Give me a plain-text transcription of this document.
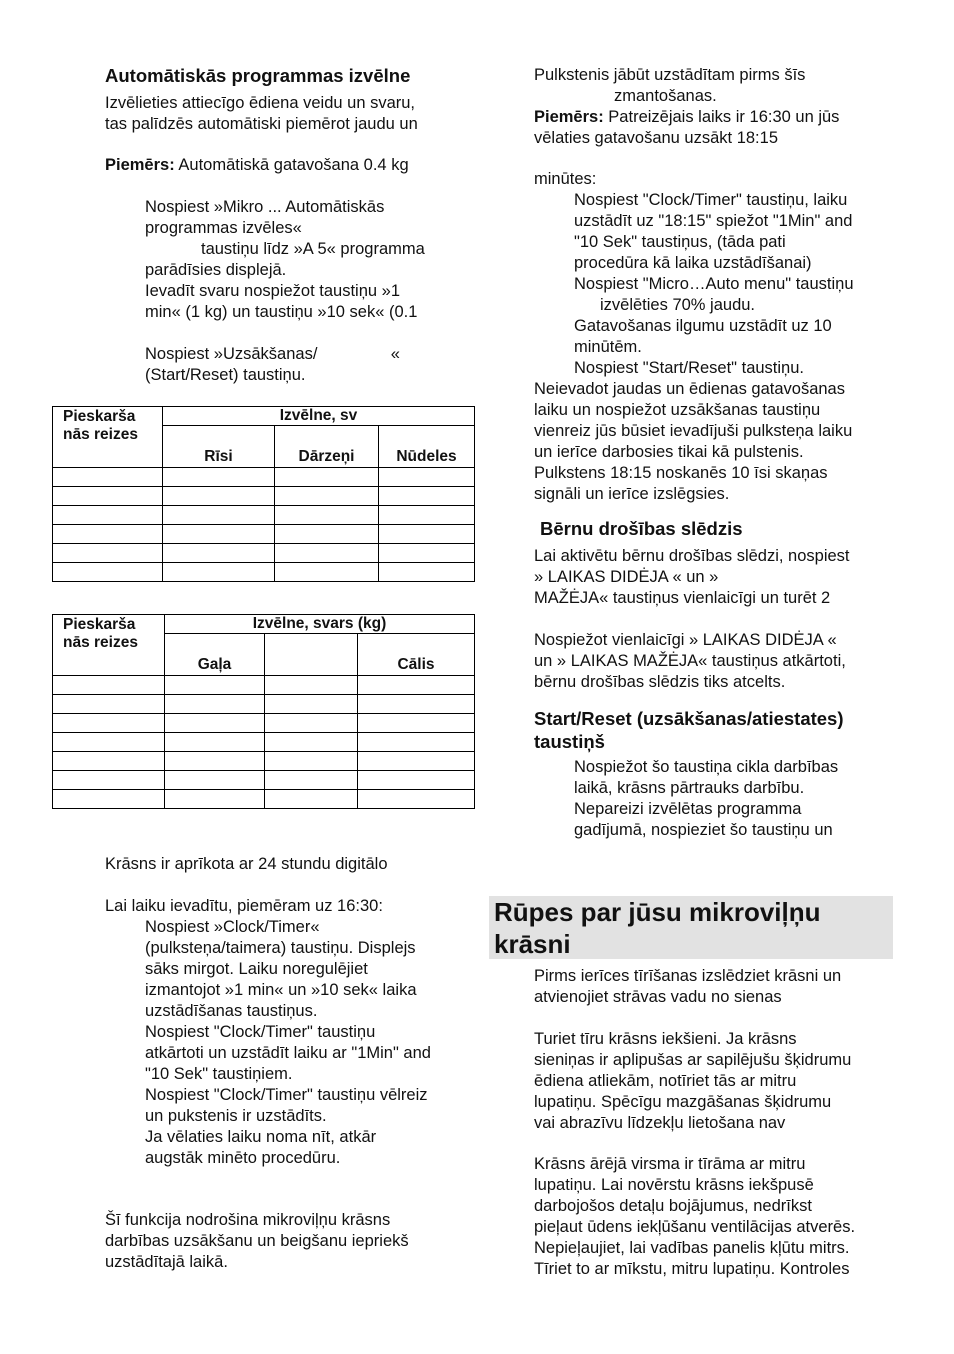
Automātiskās programmas izvēlne
Izvēlieties attiecīgo ēdiena veidu un svaru,
tas palīdzēs automātiski piemērot jaudu un
Piemērs: Automātiskā gatavošana 0.4 kg
Nospiest »Mikro ... Automātiskās
programmas izvēles«
taustiņu līdz »A 5« programma
parādīsies displejā.
Ievadīt svaru nospiežot taustiņu »1
min« (1 kg) un taustiņu »10 sek« (0.1
Nospiest »Uzsākšanas/                «
(Start/Reset) taustiņu.
Pieskarša nās reizes	Izvēlne, sv		
	Rīsi	Dārzeņi	Nūdeles

Pieskarša nās reizes	Izvēlne, svars (kg)		
	Gaļa		Cālis

Krāsns ir aprīkota ar 24 stundu digitālo
Lai laiku ievadītu, piemēram uz 16:30:
Nospiest »Clock/Timer«
(pulksteņa/taimera) taustiņu. Displejs
sāks mirgot. Laiku noregulējiet
izmantojot »1 min« un »10 sek« laika
uzstādīšanas taustiņus.
Nospiest "Clock/Timer" taustiņu
atkārtoti un uzstādīt laiku ar "1Min" and
"10 Sek" taustiņiem.
Nospiest "Clock/Timer" taustiņu vēlreiz
un pukstenis ir uzstādīts.
Ja vēlaties laiku noma nīt, atkār
augstāk minēto procedūru.
Šī funkcija nodrošina mikroviļņu krāsns
darbības uzsākšanu un beigšanu iepriekš
uzstādītajā laikā.
Pulkstenis jābūt uzstādītam pirms šīs
zmantošanas.
Piemērs: Patreizējais laiks ir 16:30 un jūs
vēlaties gatavošanu uzsākt 18:15
minūtes:
Nospiest "Clock/Timer" taustiņu, laiku
uzstādīt uz "18:15" spiežot "1Min" and
"10 Sek" taustiņus, (tāda pati
procedūra kā laika uzstādīšanai)
Nospiest "Micro…Auto menu" taustiņu
izvēlēties 70% jaudu.
Gatavošanas ilgumu uzstādīt uz 10
minūtēm.
Nospiest "Start/Reset" taustiņu.
Neievadot jaudas un ēdienas gatavošanas
laiku un nospiežot uzsākšanas taustiņu
vienreiz jūs būsiet ievadījuši pulksteņa laiku
un ierīce darbosies tikai kā pulstenis.
Pulkstens 18:15 noskanēs 10 īsi skaņas
signāli un ierīce izslēgsies.
Bērnu drošības slēdzis
Lai aktivētu bērnu drošības slēdzi, nospiest
» LAIKAS DIDĖJA « un »
MAŽĖJA« taustiņus vienlaicīgi un turēt 2
Nospiežot vienlaicīgi » LAIKAS DIDĖJA «
un » LAIKAS MAŽĖJA« taustiņus atkārtoti,
bērnu drošības slēdzis tiks atcelts.
Start/Reset (uzsākšanas/atiestates)
taustiņš
Nospiežot šo taustiņa cikla darbības
laikā, krāsns pārtrauks darbību.
Nepareizi izvēlētas programma
gadījumā, nospieziet šo taustiņu un
Rūpes par jūsu mikroviļņu
krāsni
Pirms ierīces tīrīšanas izslēdziet krāsni un
atvienojiet strāvas vadu no sienas
Turiet tīru krāsns iekšieni. Ja krāsns
sieniņas ir aplipušas ar sapilējušu šķidrumu
ēdiena atliekām, notīriet tās ar mitru
lupatiņu. Spēcīgu mazgāšanas šķidrumu
vai abrazīvu līdzekļu lietošana nav
Krāsns ārējā virsma ir tīrāma ar mitru
lupatiņu. Lai novērstu krāsns iekšpusē
darbojošos detaļu bojājumus, nedrīkst
pieļaut ūdens iekļūšanu ventilācijas atverēs.
Nepieļaujiet, lai vadības panelis kļūtu mitrs.
Tīriet to ar mīkstu, mitru lupatiņu. Kontroles
